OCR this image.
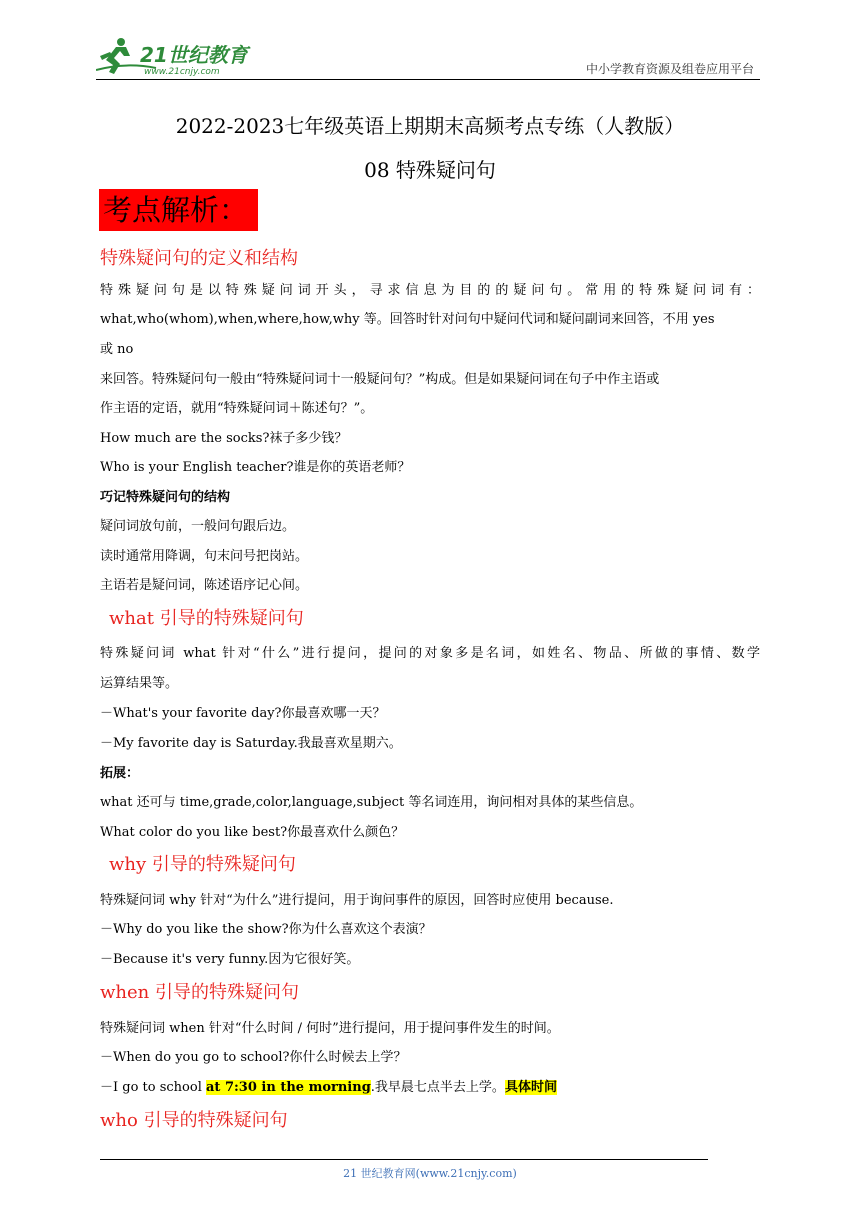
21世纪教育
www.21cnjy.com	中小学教育资源及组卷应用平台
2022-2023七年级英语上期期末高频考点专练（人教版）
08 特殊疑问句
考点解析：
特殊疑问句的定义和结构
特殊疑问句是以特殊疑问词开头，寻求信息为目的的疑问句。常用的特殊疑问词有：
what,who(whom),when,where,how,why 等。回答时针对问句中疑问代词和疑问副词来回答，不用 yes
或 no
来回答。特殊疑问句一般由“特殊疑问词十一般疑问句？”构成。但是如果疑问词在句子中作主语或
作主语的定语，就用“特殊疑问词＋陈述句？”。
How much are the socks?袜子多少钱？
Who is your English teacher?谁是你的英语老师？
巧记特殊疑问句的结构
疑问词放句前，一般问句跟后边。
读时通常用降调，句末问号把岗站。
主语若是疑问词，陈述语序记心间。
what 引导的特殊疑问句
特殊疑问词 what 针对“什么”进行提问，提问的对象多是名词，如姓名、物品、所做的事情、数学
运算结果等。
－What's your favorite day?你最喜欢哪一天？
－My favorite day is Saturday.我最喜欢星期六。
拓展：
what 还可与 time,grade,color,language,subject 等名词连用，询问相对具体的某些信息。
What color do you like best?你最喜欢什么颜色？
why 引导的特殊疑问句
特殊疑问词 why 针对“为什么”进行提问，用于询问事件的原因，回答时应使用 because.
－Why do you like the show?你为什么喜欢这个表演？
－Because it's very funny.因为它很好笑。
when 引导的特殊疑问句
特殊疑问词 when 针对“什么时间 / 何时”进行提问，用于提问事件发生的时间。
－When do you go to school?你什么时候去上学？
－I go to school at 7:30 in the morning.我早晨七点半去上学。具体时间
who 引导的特殊疑问句
21 世纪教育网(www.21cnjy.com)
